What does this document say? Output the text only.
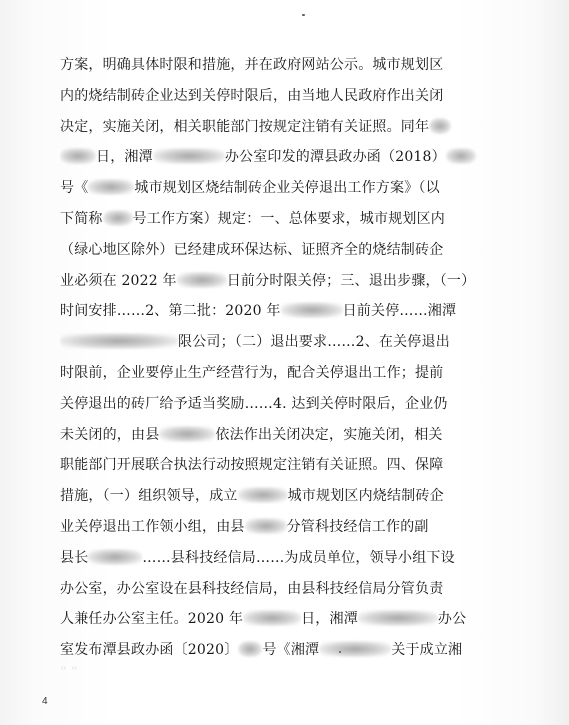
方案，明确具体时限和措施，并在政府网站公示。城市规划区
内的烧结制砖企业达到关停时限后，由当地人民政府作出关闭
决定，实施关闭，相关职能部门按规定注销有关证照。同年
日，湘潭	办公室印发的潭县政办函（2018）
号《	城市规划区烧结制砖企业关停退出工作方案》（以
下简称 号工作方案）规定：一、总体要求，城市规划区内
（绿心地区除外）已经建成环保达标、证照齐全的烧结制砖企
业必须在 2022 年	日前分时限关停；三、退出步骤，（一）
时间安排……2、第二批：2020 年	日前关停……湘潭
限公司；（二）退出要求……2、在关停退出
时限前，企业要停止生产经营行为，配合关停退出工作；提前
关停退出的砖厂给予适当奖励……4. 达到关停时限后，企业仍
未关闭的，由县	依法作出关闭决定，实施关闭，相关
职能部门开展联合执法行动按照规定注销有关证照。四、保障
措施，（一）组织领导，成立	城市规划区内烧结制砖企
业关停退出工作领小组，由县	分管科技经信工作的副
县长	……县科技经信局……为成员单位，领导小组下设
办公室，办公室设在县科技经信局，由县科技经信局分管负责
人兼任办公室主任。2020 年	日，湘潭	办公
室发布潭县政办函〔2020〕 号《湘潭	关于成立湘
“ ”
4
